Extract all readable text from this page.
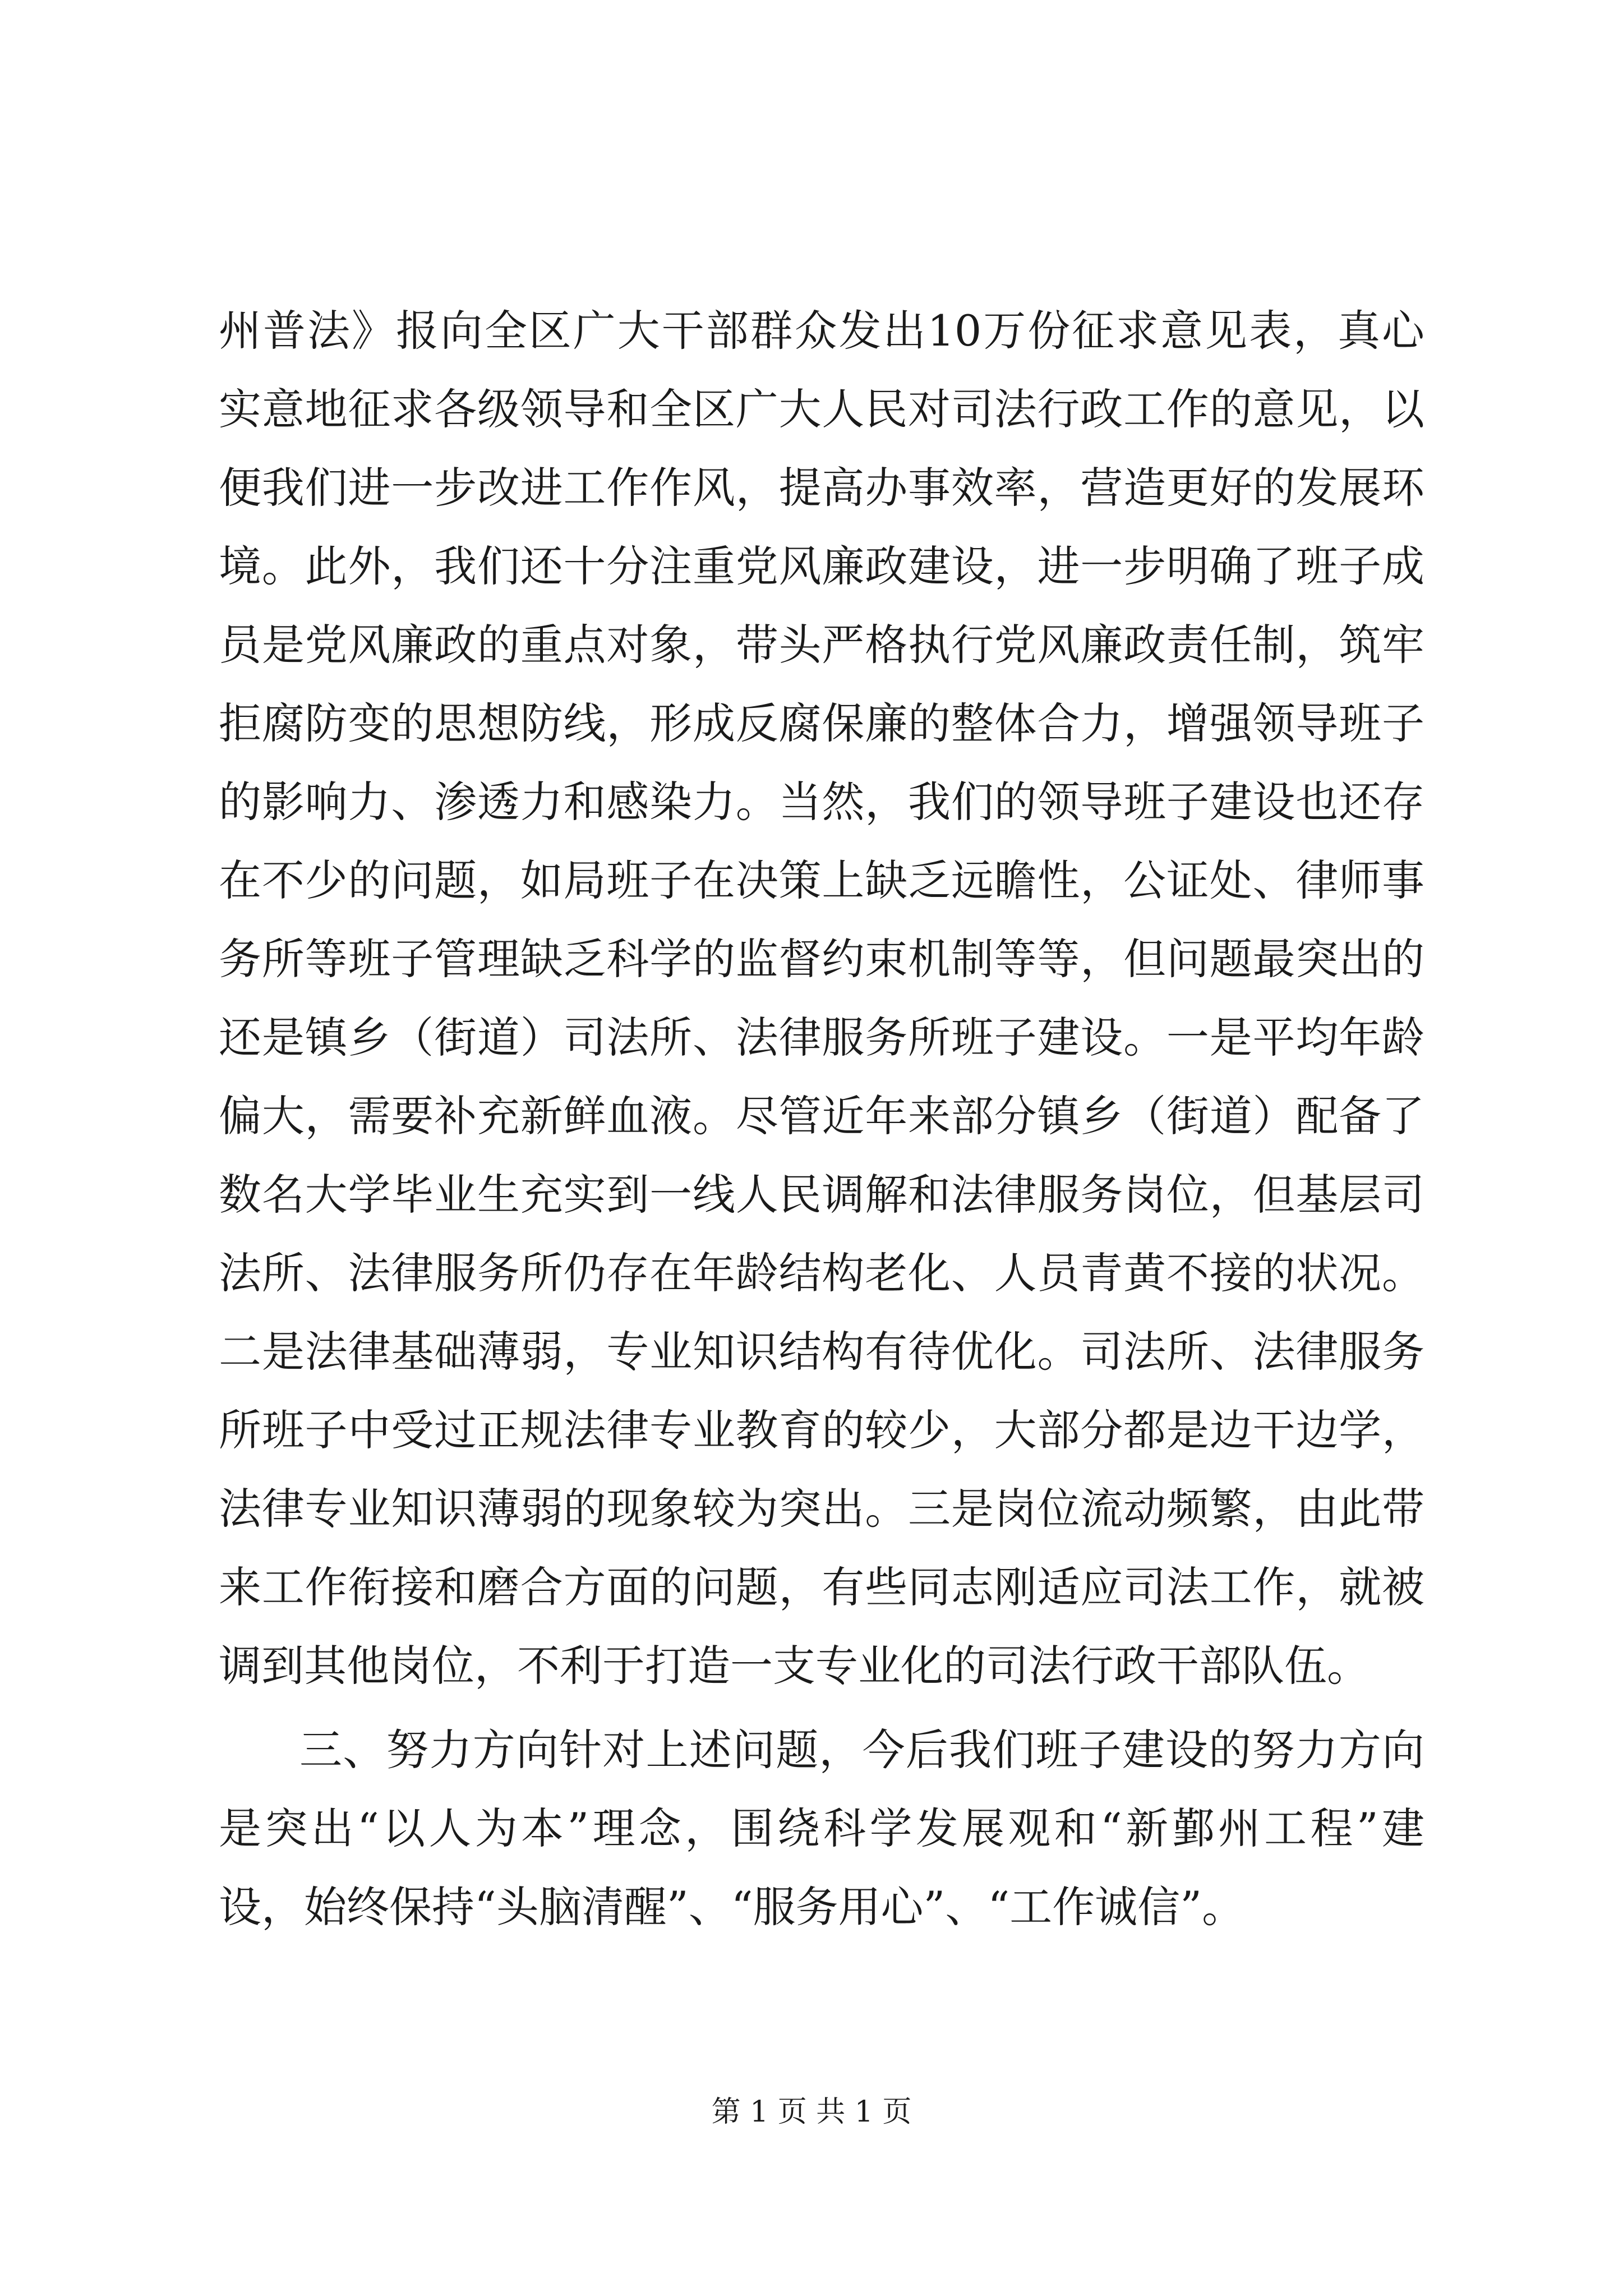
州普法》报向全区广大干部群众发出10万份征求意见表，真心
实意地征求各级领导和全区广大人民对司法行政工作的意见，以
便我们进一步改进工作作风，提高办事效率，营造更好的发展环
境。此外，我们还十分注重党风廉政建设，进一步明确了班子成
员是党风廉政的重点对象，带头严格执行党风廉政责任制，筑牢
拒腐防变的思想防线，形成反腐保廉的整体合力，增强领导班子
的影响力、渗透力和感染力。当然，我们的领导班子建设也还存
在不少的问题，如局班子在决策上缺乏远瞻性，公证处、律师事
务所等班子管理缺乏科学的监督约束机制等等，但问题最突出的
还是镇乡（街道）司法所、法律服务所班子建设。一是平均年龄
偏大，需要补充新鲜血液。尽管近年来部分镇乡（街道）配备了
数名大学毕业生充实到一线人民调解和法律服务岗位，但基层司
法所、法律服务所仍存在年龄结构老化、人员青黄不接的状况。
二是法律基础薄弱，专业知识结构有待优化。司法所、法律服务
所班子中受过正规法律专业教育的较少，大部分都是边干边学，
法律专业知识薄弱的现象较为突出。三是岗位流动频繁，由此带
来工作衔接和磨合方面的问题，有些同志刚适应司法工作，就被
调到其他岗位，不利于打造一支专业化的司法行政干部队伍。
三、努力方向针对上述问题，今后我们班子建设的努力方向
是突出“以人为本”理念，围绕科学发展观和“新鄞州工程”建
设，始终保持“头脑清醒”、“服务用心”、“工作诚信”。
第 1 页 共 1 页
